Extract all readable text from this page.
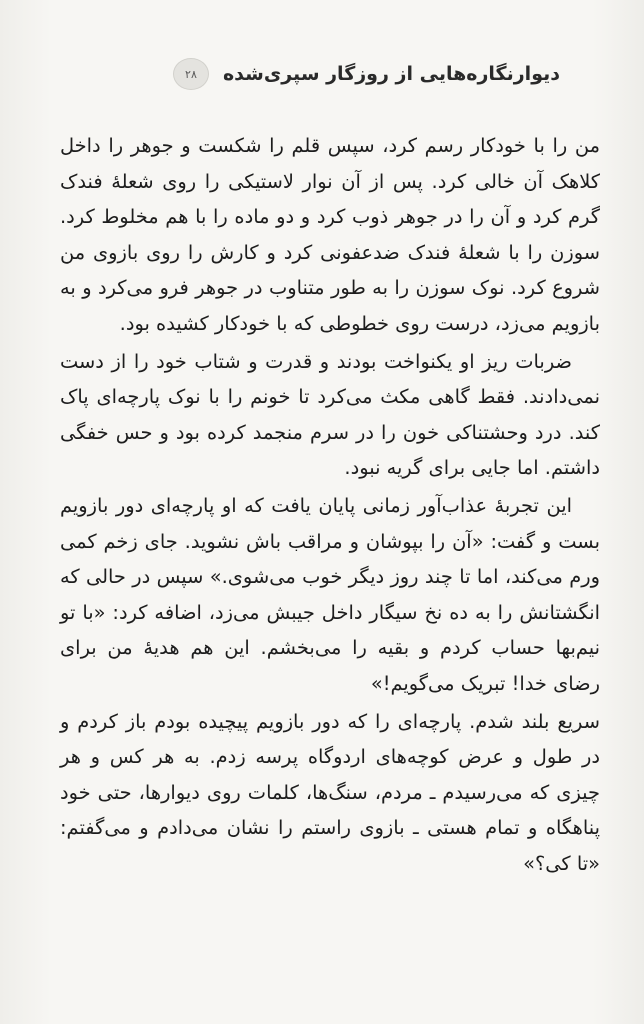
۲۸	دیوارنگاره‌هایی از روزگار سپری‌شده

من را با خودکار رسم کرد، سپس قلم را شکست و جوهر را داخل کلاهک آن خالی کرد. پس از آن نوار لاستیکی را روی شعلهٔ فندک گرم کرد و آن را در جوهر ذوب کرد و دو ماده را با هم مخلوط کرد. سوزن را با شعلهٔ فندک ضدعفونی کرد و کارش را روی بازوی من شروع کرد. نوک سوزن را به طور متناوب در جوهر فرو می‌کرد و به بازویم می‌زد، درست روی خطوطی که با خودکار کشیده بود.

ضربات ریز او یکنواخت بودند و قدرت و شتاب خود را از دست نمی‌دادند. فقط گاهی مکث می‌کرد تا خونم را با نوک پارچه‌ای پاک کند. درد وحشتناکی خون را در سرم منجمد کرده بود و حس خفگی داشتم. اما جایی برای گریه نبود.

این تجربهٔ عذاب‌آور زمانی پایان یافت که او پارچه‌ای دور بازویم بست و گفت: «آن را بپوشان و مراقب باش نشوید. جای زخم کمی ورم می‌کند، اما تا چند روز دیگر خوب می‌شوی.» سپس در حالی که انگشتانش را به ده نخ سیگار داخل جیبش می‌زد، اضافه کرد: «با تو نیم‌بها حساب کردم و بقیه را می‌بخشم. این هم هدیهٔ من برای رضای خدا! تبریک می‌گویم!»

سریع بلند شدم. پارچه‌ای را که دور بازویم پیچیده بودم باز کردم و در طول و عرض کوچه‌های اردوگاه پرسه زدم. به هر کس و هر چیزی که می‌رسیدم ـ مردم، سنگ‌ها، کلمات روی دیوارها، حتی خود پناهگاه و تمام هستی ـ بازوی راستم را نشان می‌دادم و می‌گفتم: «تا کی؟»
